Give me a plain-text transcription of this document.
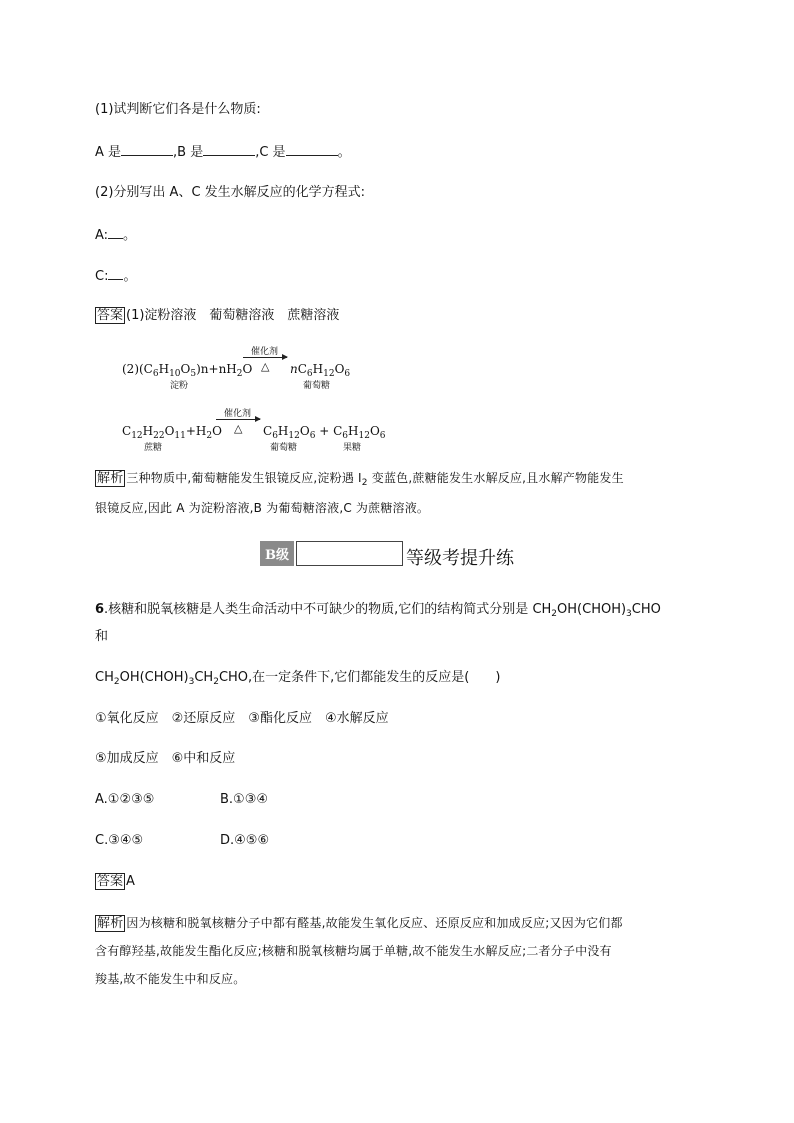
(1)试判断它们各是什么物质:
A 是	,B 是	,C 是	。
(2)分别写出 A、C 发生水解反应的化学方程式:
A: 。
C: 。
答案 (1)淀粉溶液　葡萄糖溶液　蔗糖溶液
$(2)(C_6H_{10}O_5)n+nH_2O$
催化剂
△ $nC_6H_{12}O_6$
淀粉	葡萄糖
$C_{12}H_{22}O_{11}+H_2O$
催化剂
△ $C_6H_{12}O_6 + C_6H_{12}O_6$
蔗糖	葡萄糖	果糖
解析 三种物质中,葡萄糖能发生银镜反应,淀粉遇 $I_2$ 变蓝色,蔗糖能发生水解反应,且水解产物能发生
银镜反应,因此 A 为淀粉溶液,B 为葡萄糖溶液,C 为蔗糖溶液。
B级	等级考提升练
6.核糖和脱氧核糖是人类生命活动中不可缺少的物质,它们的结构简式分别是 $CH_2OH(CHOH)_3CHO$
和
$CH_2OH(CHOH)_3CH_2CHO$,在一定条件下,它们都能发生的反应是(　　)
①氧化反应　②还原反应　③酯化反应　④水解反应
⑤加成反应　⑥中和反应
A.①②③⑤	B.①③④
C.③④⑤	D.④⑤⑥
答案 A
解析 因为核糖和脱氧核糖分子中都有醛基,故能发生氧化反应、还原反应和加成反应;又因为它们都
含有醇羟基,故能发生酯化反应;核糖和脱氧核糖均属于单糖,故不能发生水解反应;二者分子中没有
羧基,故不能发生中和反应。
